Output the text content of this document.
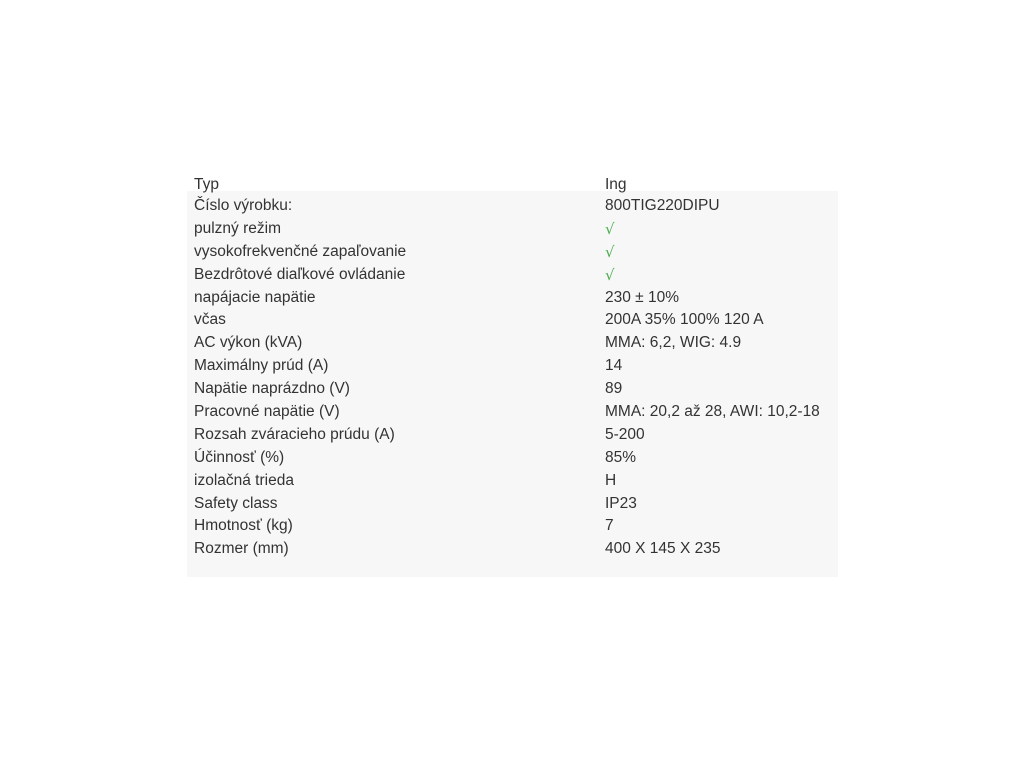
Typ	Ing
Číslo výrobku:	800TIG220DIPU
pulzný režim	√
vysokofrekvenčné zapaľovanie	√
Bezdrôtové diaľkové ovládanie	√
napájacie napätie	230 ± 10%
včas	200A 35% 100% 120 A
AC výkon (kVA)	MMA: 6,2, WIG: 4.9
Maximálny prúd (A)	14
Napätie naprázdno (V)	89
Pracovné napätie (V)	MMA: 20,2 až 28, AWI: 10,2-18
Rozsah zváracieho prúdu (A)	5-200
Účinnosť (%)	85%
izolačná trieda	H
Safety class	IP23
Hmotnosť (kg)	7
Rozmer (mm)	400 X 145 X 235
